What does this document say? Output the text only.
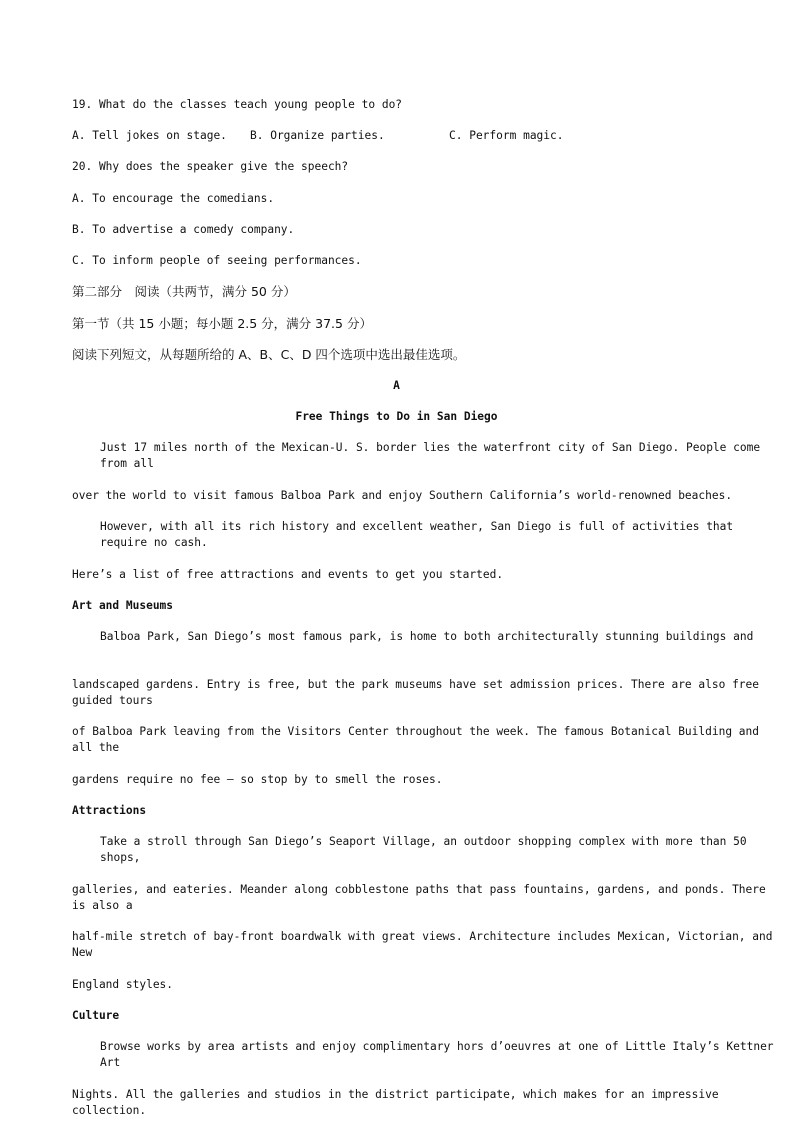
19. What do the classes teach young people to do?
A. Tell jokes on stage. B. Organize parties.	C. Perform magic.
20. Why does the speaker give the speech?
A. To encourage the comedians.
B. To advertise a comedy company.
C. To inform people of seeing performances.
第二部分　阅读（共两节，满分 50 分）
第一节（共 15 小题；每小题 2.5 分，满分 37.5 分）
阅读下列短文，从每题所给的 A、B、C、D 四个选项中选出最佳选项。
A
Free Things to Do in San Diego
Just 17 miles north of the Mexican-U. S. border lies the waterfront city of San Diego. People come from all
over the world to visit famous Balboa Park and enjoy Southern California’s world-renowned beaches.
However, with all its rich history and excellent weather, San Diego is full of activities that require no cash.
Here’s a list of free attractions and events to get you started.
Art and Museums
Balboa Park, San Diego’s most famous park, is home to both architecturally stunning buildings and
landscaped gardens. Entry is free, but the park museums have set admission prices. There are also free guided tours
of Balboa Park leaving from the Visitors Center throughout the week. The famous Botanical Building and all the
gardens require no fee — so stop by to smell the roses.
Attractions
Take a stroll through San Diego’s Seaport Village, an outdoor shopping complex with more than 50 shops,
galleries, and eateries. Meander along cobblestone paths that pass fountains, gardens, and ponds. There is also a
half-mile stretch of bay-front boardwalk with great views. Architecture includes Mexican, Victorian, and New
England styles.
Culture
Browse works by area artists and enjoy complimentary hors d’oeuvres at one of Little Italy’s Kettner Art
Nights. All the galleries and studios in the district participate, which makes for an impressive collection.
